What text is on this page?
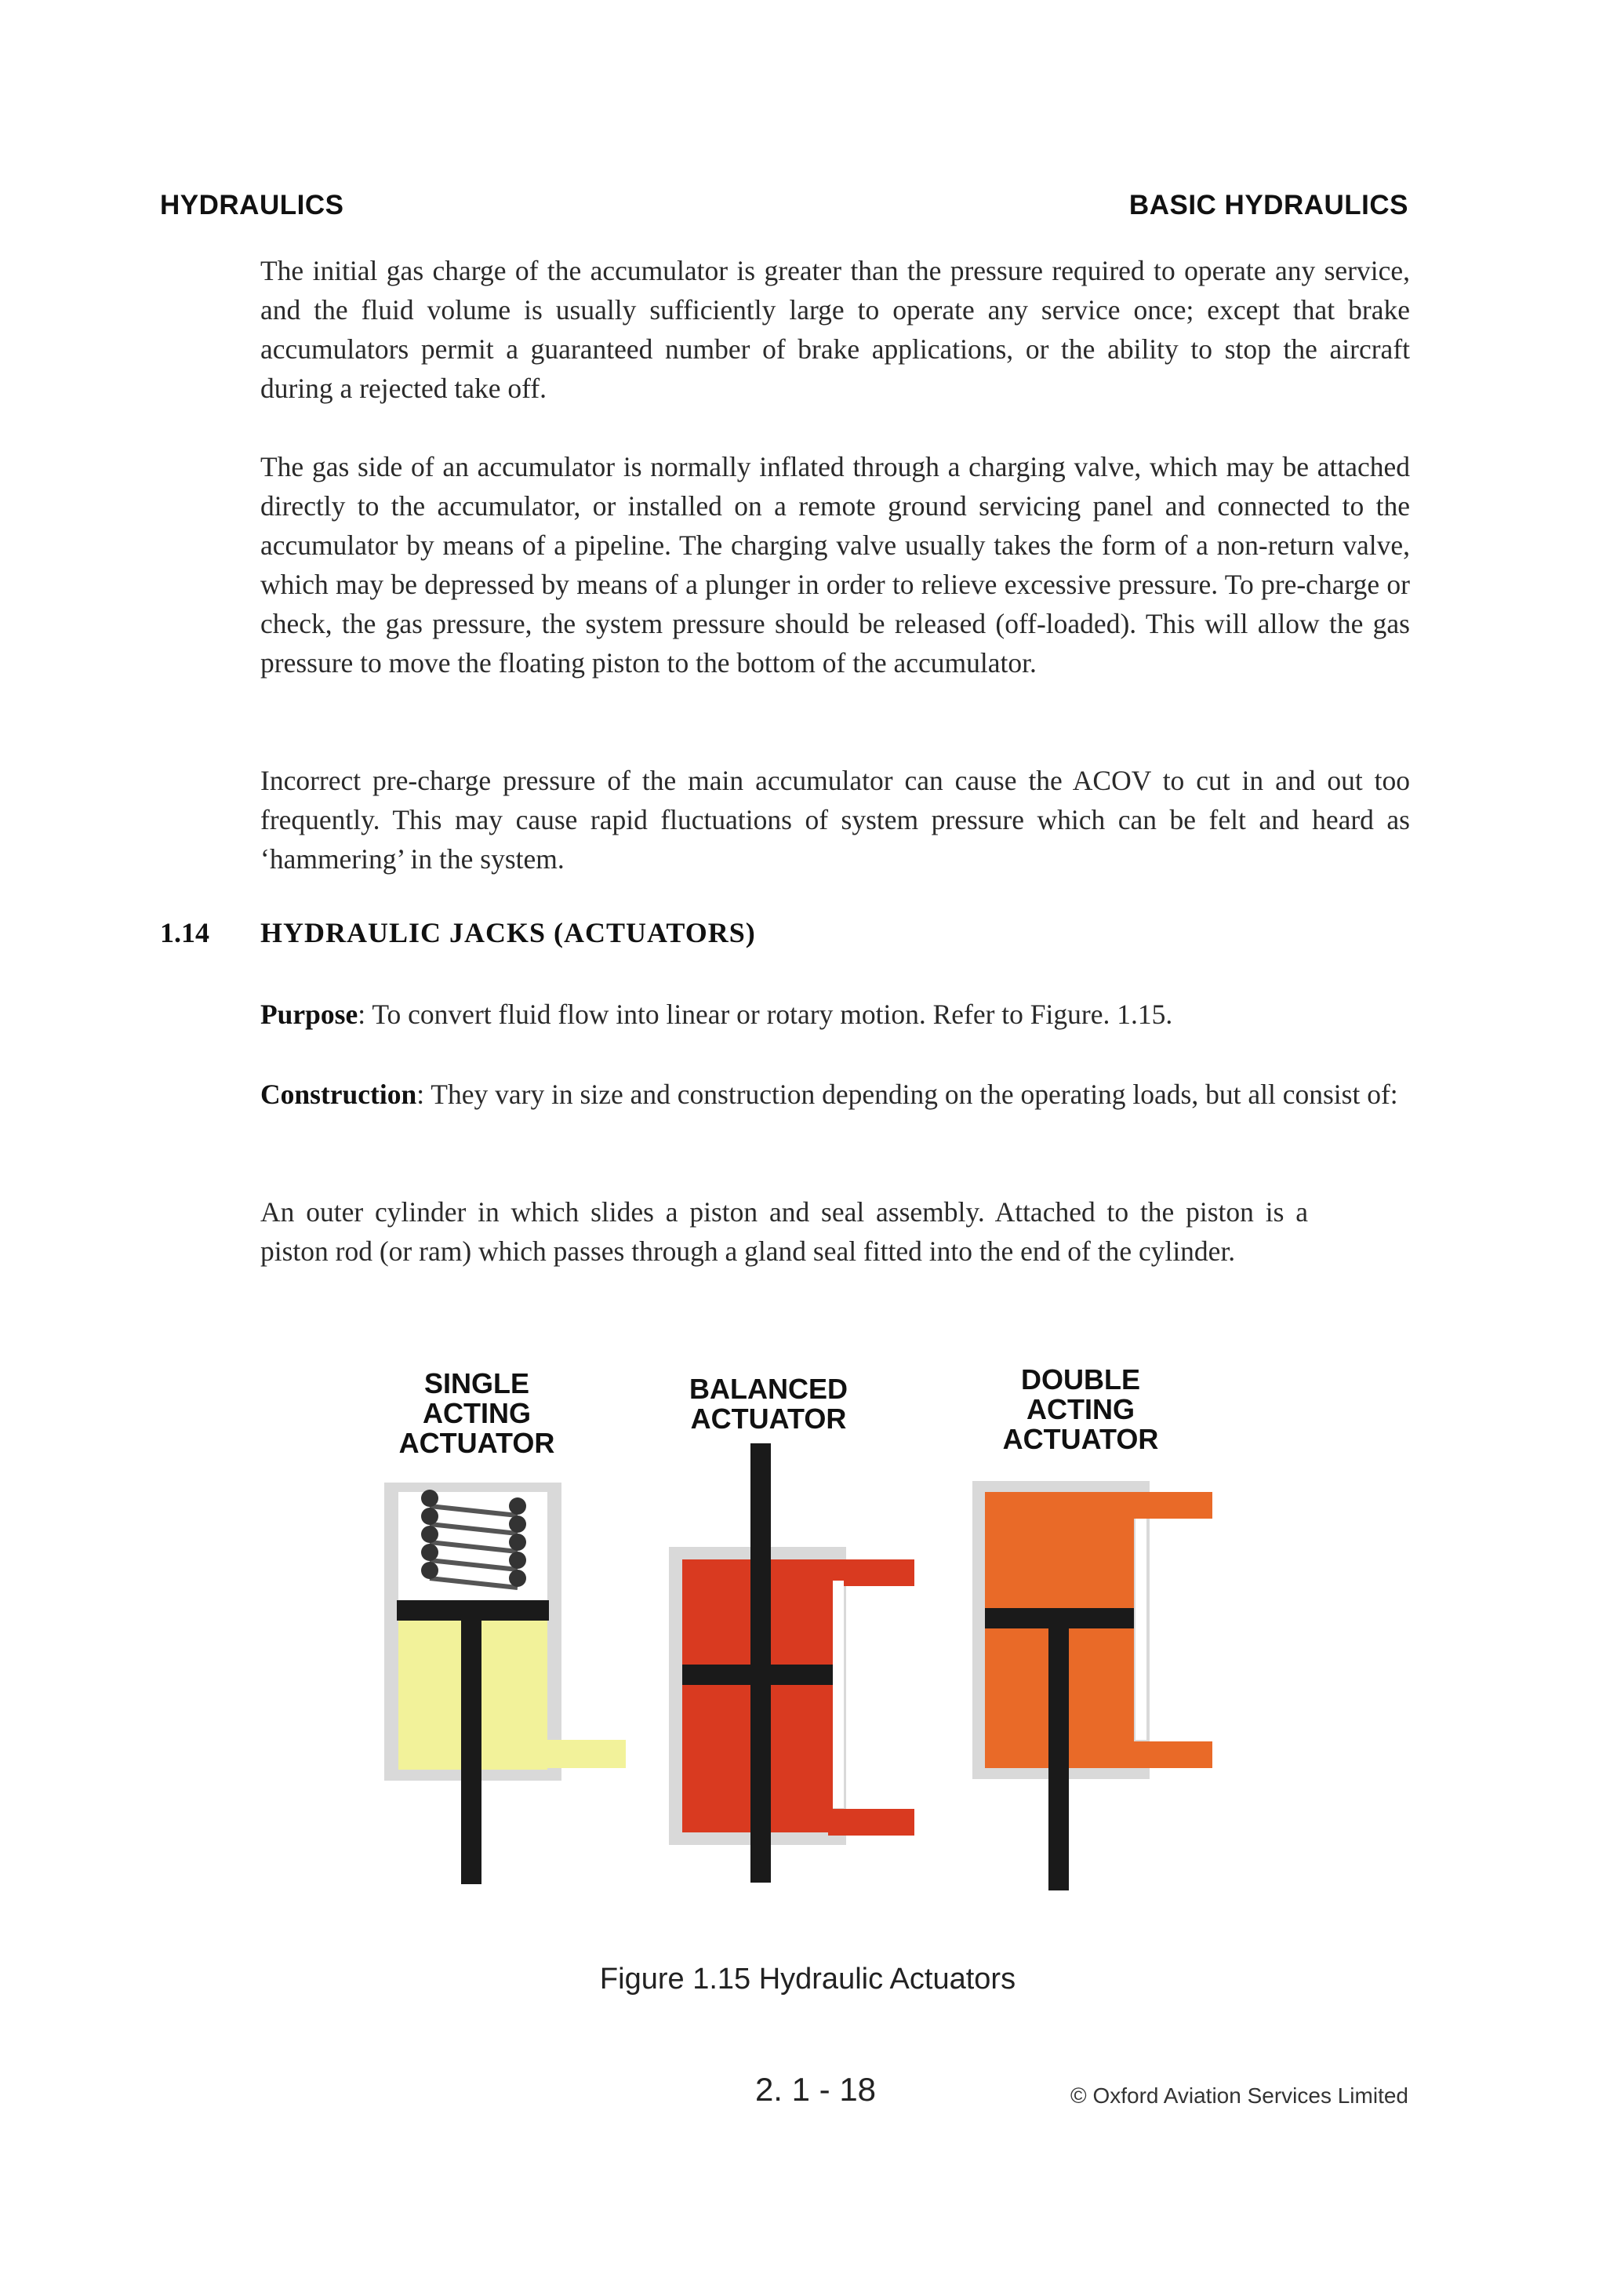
HYDRAULICS	BASIC HYDRAULICS

The initial gas charge of the accumulator is greater than the pressure required to operate any service, and the fluid volume is usually sufficiently large to operate any service once; except that brake accumulators permit a guaranteed number of brake applications, or the ability to stop the aircraft during a rejected take off.

The gas side of an accumulator is normally inflated through a charging valve, which may be attached directly to the accumulator, or installed on a remote ground servicing panel and connected to the accumulator by means of a pipeline. The charging valve usually takes the form of a non-return valve, which may be depressed by means of a plunger in order to relieve excessive pressure. To pre-charge or check, the gas pressure, the system pressure should be released (off-loaded). This will allow the gas pressure to move the floating piston to the bottom of the accumulator.

Incorrect pre-charge pressure of the main accumulator can cause the ACOV to cut in and out too frequently. This may cause rapid fluctuations of system pressure which can be felt and heard as ‘hammering’ in the system.

1.14 HYDRAULIC JACKS (ACTUATORS)

Purpose: To convert fluid flow into linear or rotary motion. Refer to Figure. 1.15.

Construction: They vary in size and construction depending on the operating loads, but all consist of:

An outer cylinder in which slides a piston and seal assembly. Attached to the piston is a piston rod (or ram) which passes through a gland seal fitted into the end of the cylinder.

SINGLE
ACTING
ACTUATOR
BALANCED
ACTUATOR
DOUBLE
ACTING
ACTUATOR
Figure 1.15 Hydraulic Actuators
2. 1 - 18	© Oxford Aviation Services Limited
